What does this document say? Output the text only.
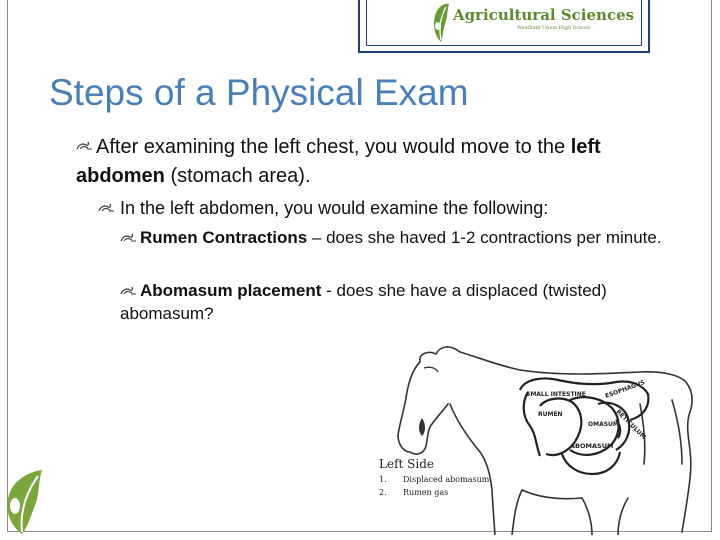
Agricultural Sciences
Westfield Union High School
Steps of a Physical Exam
After examining the left chest, you would move to the left abdomen (stomach area).
In the left abdomen, you would examine the following:
Rumen Contractions – does she haved 1-2 contractions per minute.
Abomasum placement - does she have a displaced (twisted) abomasum?
SMALL INTESTINE	ESOPHAGUS
RETICULUM
RUMEN
OMASUM
ABOMASUM
Left Side
1. Displaced abomasum
2. Rumen gas
